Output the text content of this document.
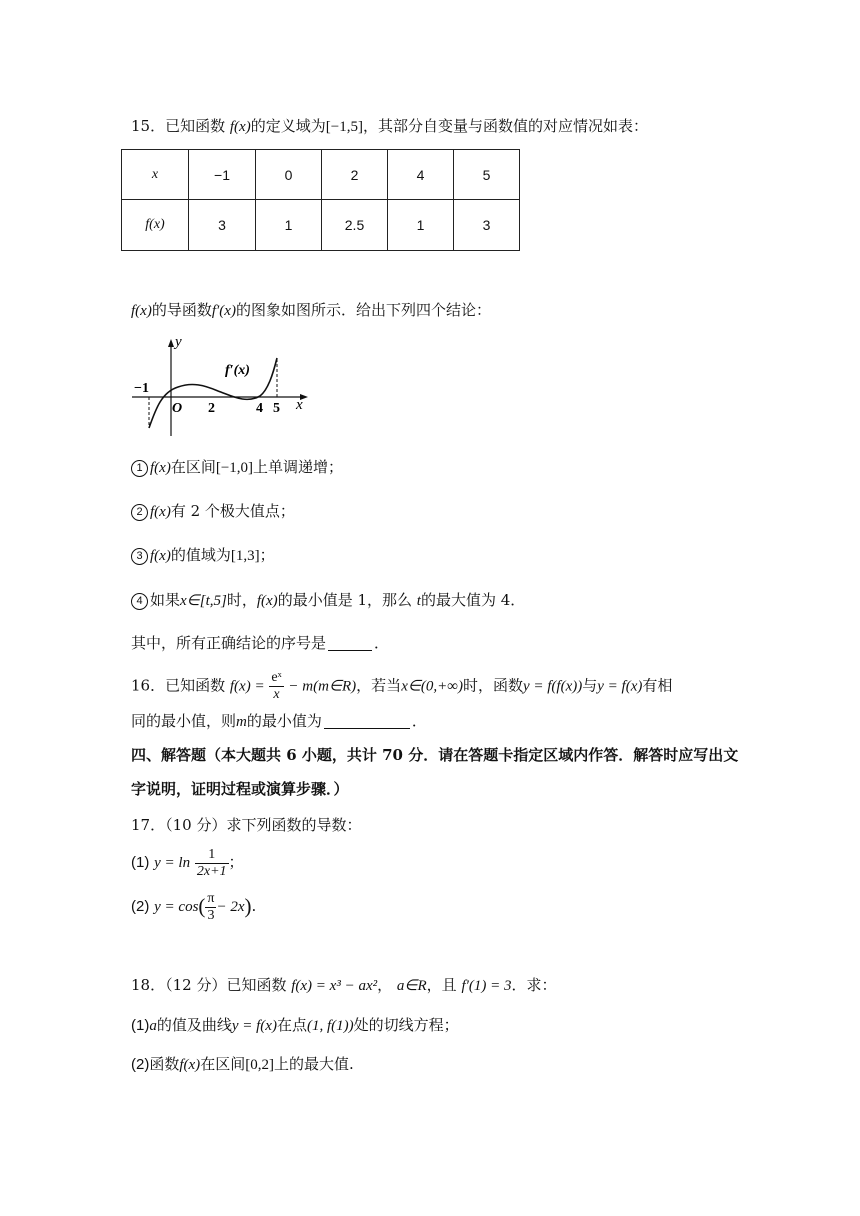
15．已知函数 f(x)的定义域为[−1,5]，其部分自变量与函数值的对应情况如表：
x	−1	0	2	4	5
f(x)	3	1	2.5	1	3
f(x)的导函数f′(x)的图象如图所示．给出下列四个结论：
y
x
O
f′(x)
−1
2	4 5
1 f(x)在区间[−1,0]上单调递增；
2 f(x)有 2 个极大值点；
3 f(x)的值域为[1,3]；
4 如果x∈[t,5]时，f(x)的最小值是 1，那么 t的最大值为 4．
其中，所有正确结论的序号是	．
16．已知函数 $f(x) = \frac{\text{eˣ}}{x}$ − m(m∈R)，若当x∈(0,+∞)时，函数y = f(f(x))与y = f(x)有相
同的最小值，则m的最小值为	．
四、解答题（本大题共 6 小题，共计 70 分．请在答题卡指定区域内作答．解答时应写出文
字说明，证明过程或演算步骤．）
17．（10 分）求下列函数的导数：
(1) $y = \ln \frac{1}{2x+1}$ ；
(2) $y = \cos( \frac{\pi}{3} - 2x)$.
18．（12 分）已知函数 f(x) = x³ − ax²， a∈R，且 f′(1) = 3．求：
(1)a的值及曲线y = f(x)在点(1, f(1))处的切线方程；
(2)函数f(x)在区间[0,2]上的最大值.
